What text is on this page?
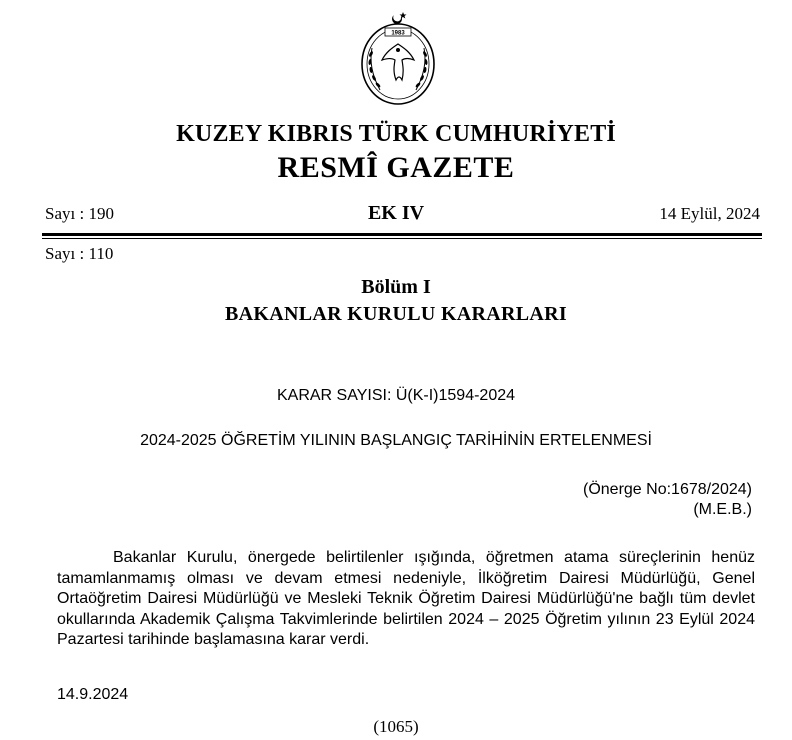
1983
KUZEY KIBRIS TÜRK CUMHURİYETİ
RESMÎ GAZETE
Sayı : 190	EK IV	14 Eylül, 2024
Sayı : 110
Bölüm I
BAKANLAR KURULU KARARLARI
KARAR SAYISI: Ü(K-I)1594-2024
2024-2025 ÖĞRETİM YILININ BAŞLANGIÇ TARİHİNİN ERTELENMESİ
(Önerge No:1678/2024)
(M.E.B.)
Bakanlar Kurulu, önergede belirtilenler ışığında, öğretmen atama süreçlerinin henüz tamamlanmamış olması ve devam etmesi nedeniyle, İlköğretim Dairesi Müdürlüğü, Genel Ortaöğretim Dairesi Müdürlüğü ve Mesleki Teknik Öğretim Dairesi Müdürlüğü'ne bağlı tüm devlet okullarında Akademik Çalışma Takvimlerinde belirtilen 2024 – 2025 Öğretim yılının 23 Eylül 2024 Pazartesi tarihinde başlamasına karar verdi.
14.9.2024
(1065)
